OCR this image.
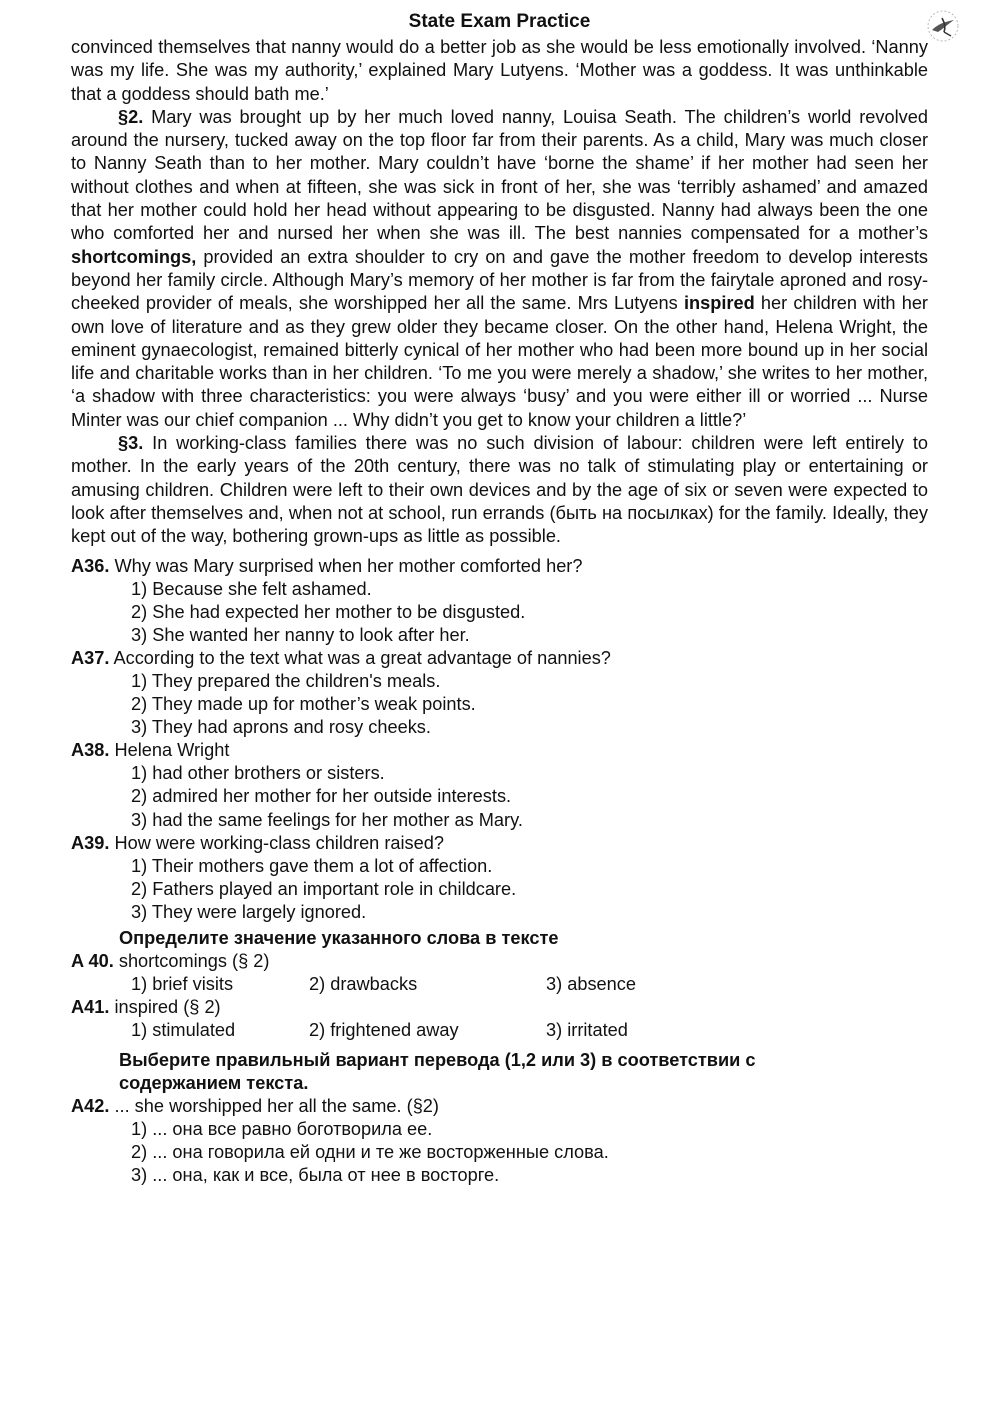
State Exam Practice

convinced themselves that nanny would do a better job as she would be less emotionally involved. ‘Nanny was my life. She was my authority,’ explained Mary Lutyens. ‘Mother was a goddess. It was unthinkable that a goddess should bath me.’

§2. Mary was brought up by her much loved nanny, Louisa Seath. The children’s world revolved around the nursery, tucked away on the top floor far from their parents. As a child, Mary was much closer to Nanny Seath than to her mother. Mary couldn’t have ‘borne the shame’ if her mother had seen her without clothes and when at fifteen, she was sick in front of her, she was ‘terribly ashamed’ and amazed that her mother could hold her head without appearing to be disgusted. Nanny had always been the one who comforted her and nursed her when she was ill. The best nannies compensated for a mother’s shortcomings, provided an extra shoulder to cry on and gave the mother freedom to develop interests beyond her family circle. Although Mary’s memory of her mother is far from the fairytale aproned and rosy-cheeked provider of meals, she worshipped her all the same. Mrs Lutyens inspired her children with her own love of literature and as they grew older they became closer. On the other hand, Helena Wright, the eminent gynaecologist, remained bitterly cynical of her mother who had been more bound up in her social life and charitable works than in her children. ‘To me you were merely a shadow,’ she writes to her mother, ‘a shadow with three characteristics: you were always ‘busy’ and you were either ill or worried ... Nurse Minter was our chief companion ... Why didn’t you get to know your children a little?’

§3. In working-class families there was no such division of labour: children were left entirely to mother. In the early years of the 20th century, there was no talk of stimulating play or entertaining or amusing children. Children were left to their own devices and by the age of six or seven were expected to look after themselves and, when not at school, run errands (быть на посылках) for the family. Ideally, they kept out of the way, bothering grown-ups as little as possible.

A36. Why was Mary surprised when her mother comforted her?

1) Because she felt ashamed.

2) She had expected her mother to be disgusted.

3) She wanted her nanny to look after her.

A37. According to the text what was a great advantage of nannies?

1) They prepared the children's meals.

2) They made up for mother’s weak points.

3) They had aprons and rosy cheeks.

A38. Helena Wright

1) had other brothers or sisters.

2) admired her mother for her outside interests.

3) had the same feelings for her mother as Mary.

A39. How were working-class children raised?

1) Their mothers gave them a lot of affection.

2) Fathers played an important role in childcare.

3) They were largely ignored.

Определите значение указанного слова в тексте

A 40. shortcomings (§ 2)

1) brief visits	2) drawbacks	3) absence

A41. inspired (§ 2)

1) stimulated	2) frightened away	3) irritated

Выберите правильный вариант перевода (1,2 или 3) в соответствии с

содержанием текста.

A42. ... she worshipped her all the same. (§2)

1) ... она все равно боготворила ее.

2) ... она говорила ей одни и те же восторженные слова.

3) ... она, как и все, была от нее в восторге.
